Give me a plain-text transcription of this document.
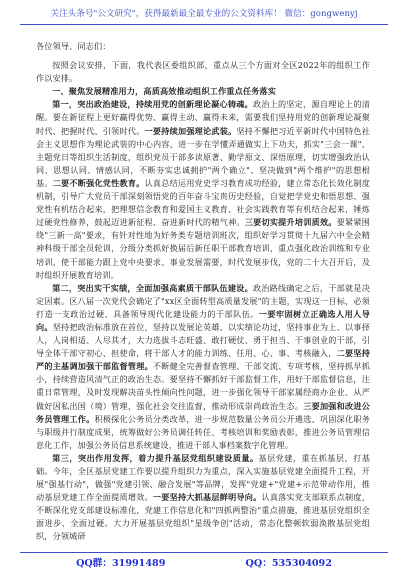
关注头条号"公文研究"，获得最新最全最专业的公文资料库！ 微信：gongwenyj

各位领导、同志们：

按照会议安排，下面，我代表区委组织部，重点从三个方面对全区2022年的组织工作作以安排。

一、聚焦发展精准用力，高质高效推动组织工作重点任务落实

第一，突出政治建设，持续用党的创新理论凝心铸魂。政治上的坚定，源自理论上的清醒。要在新征程上更好赢得优势、赢得主动、赢得未来，需要我们坚持用党的创新理论凝聚时代、把握时代、引领时代。一要持续加强理论武装。坚持不懈把习近平新时代中国特色社会主义思想作为理论武装的中心内容，进一步在学懂弄通做实上下功夫，抓实"三会一课"、主题党日等组织生活制度，组织党员干部多读原著、勤学原文、深悟原理，切实增强政治认同、思想认同、情感认同，不断夯实忠诚拥护"两个确立"、坚决做到"两个维护"的思想根基。二要不断强化党性教育。认真总结运用党史学习教育成功经验，建立常态化长效化制度机制，引导广大党员干部深刻领悟党的百年奋斗宝贵历史经验，自觉把学党史和悟思想、强党性有机结合起来，把理想信念教育和爱国主义教育、社会实践教育等有机结合起来，锤炼过硬党性修养，鼓起迈进新征程、奋进新时代的精气神。三要切实提升培训质效。要紧紧围绕"三新一高"要求，有针对性地为好务类专题培训班次，组织好学习贯彻十九届六中全会精神科级干部全员轮训，分级分类抓好换届后新任职干部教育培训，重点强化政治训练和专业培训，使干部能力跟上党中央要求、事业发展需要，时代发展步伐，党的二十大召开后，及时组织开展教育培训。

第二，突出实干实绩，全面加强高素质干部队伍建设。政治路线确定之后，干部就是决定因素。区八届一次党代会确定了"xx区全面转型高质量发展"的主题，实现这一目标，必须打造一支政治过硬、具备领导现代化建设能力的干部队伍。一要牢固树立正确选人用人导向。坚持把政治标准放在首位，坚持以发展论英雄、以实绩论功过，坚持事业为上、以事择人，人岗相适、人尽其才，大力选拔斗志旺盛、敢打硬仗、勇于担当、干事创业的干部，引导全体干部守初心、担使命，将干部人才的能力训练、任用、心、事、考核融入，二要坚持严的主基调加强干部监督管理。不断健全完善督查管理、干部交流、专项考核，坚持抓早抓小，持续营造风清气正的政治生态。要坚持不懈抓好干部监督工作，用好干部监督信息，注重日常管理，及时发现解决苗头性倾向性问题，进一步强化领导干部家属经商办企业、从严做好因私出国（境）管理，强化社会交往监督，推动形成崇尚政治生态。三要加强和改进公务员管理工作。积极探化公务员分类改革，进一步规范数量公务员公开遴选、巩固深化职务与职级并行制度成果，统筹做好公务员调任转任、考核培训和奖励表彰，推进公务员管理信息化工作，加强公务员信息系统建设，推进干部人事档案数字化管理。

第三，突出作用发挥，着力提升基层党组织建设质量。基层党建，重在抓基层，打基础。今年，全区基层党建工作要以提升组织力为重点，深入实施基层党建全面提升工程，开展"强基行动"，做强"党建引领、融合发展"等品牌，发挥"党建+"党建+示范带动作用，推动基层党建工作全面提质增效。一要坚持大抓基层鲜明导向。认真落实党支部联系点制度，不断深化党支部建设标准化，党建工作信息化和"四抓两整治"重点措施，推进基层党组织全面进步、全面过硬。大力开展基层党组织"星级争创"活动，常态化整顿软弱涣散基层党组织，分领城研

QQ群：31991489	QQ：535304092
